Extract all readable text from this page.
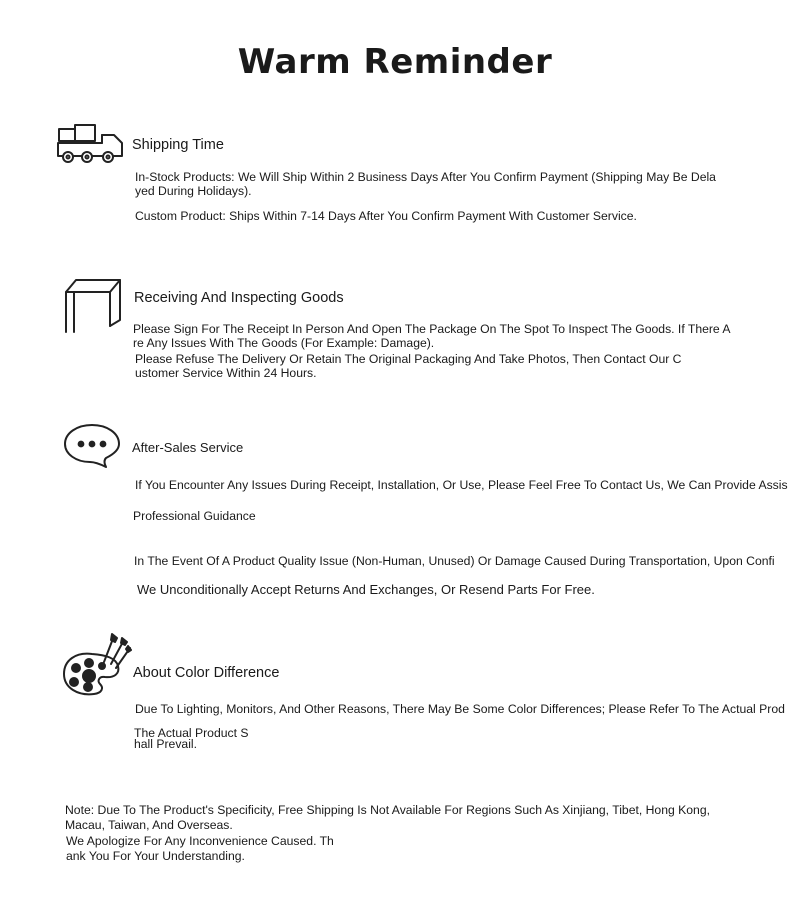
Warm Reminder
Shipping Time
In-Stock Products: We Will Ship Within 2 Business Days After You Confirm Payment (Shipping May Be Dela
yed During Holidays).
Custom Product: Ships Within 7-14 Days After You Confirm Payment With Customer Service.
Receiving And Inspecting Goods
Please Sign For The Receipt In Person And Open The Package On The Spot To Inspect The Goods. If There A
re Any Issues With The Goods (For Example: Damage).
Please Refuse The Delivery Or Retain The Original Packaging And Take Photos, Then Contact Our C
ustomer Service Within 24 Hours.
After-Sales Service
If You Encounter Any Issues During Receipt, Installation, Or Use, Please Feel Free To Contact Us, We Can Provide Assis
Professional Guidance
In The Event Of A Product Quality Issue (Non-Human, Unused) Or Damage Caused During Transportation, Upon Confi
We Unconditionally Accept Returns And Exchanges, Or Resend Parts For Free.
About Color Difference
Due To Lighting, Monitors, And Other Reasons, There May Be Some Color Differences; Please Refer To The Actual Prod
The Actual Product S
hall Prevail.
Note: Due To The Product's Specificity, Free Shipping Is Not Available For Regions Such As Xinjiang, Tibet, Hong Kong,
Macau, Taiwan, And Overseas.
We Apologize For Any Inconvenience Caused. Th
ank You For Your Understanding.
